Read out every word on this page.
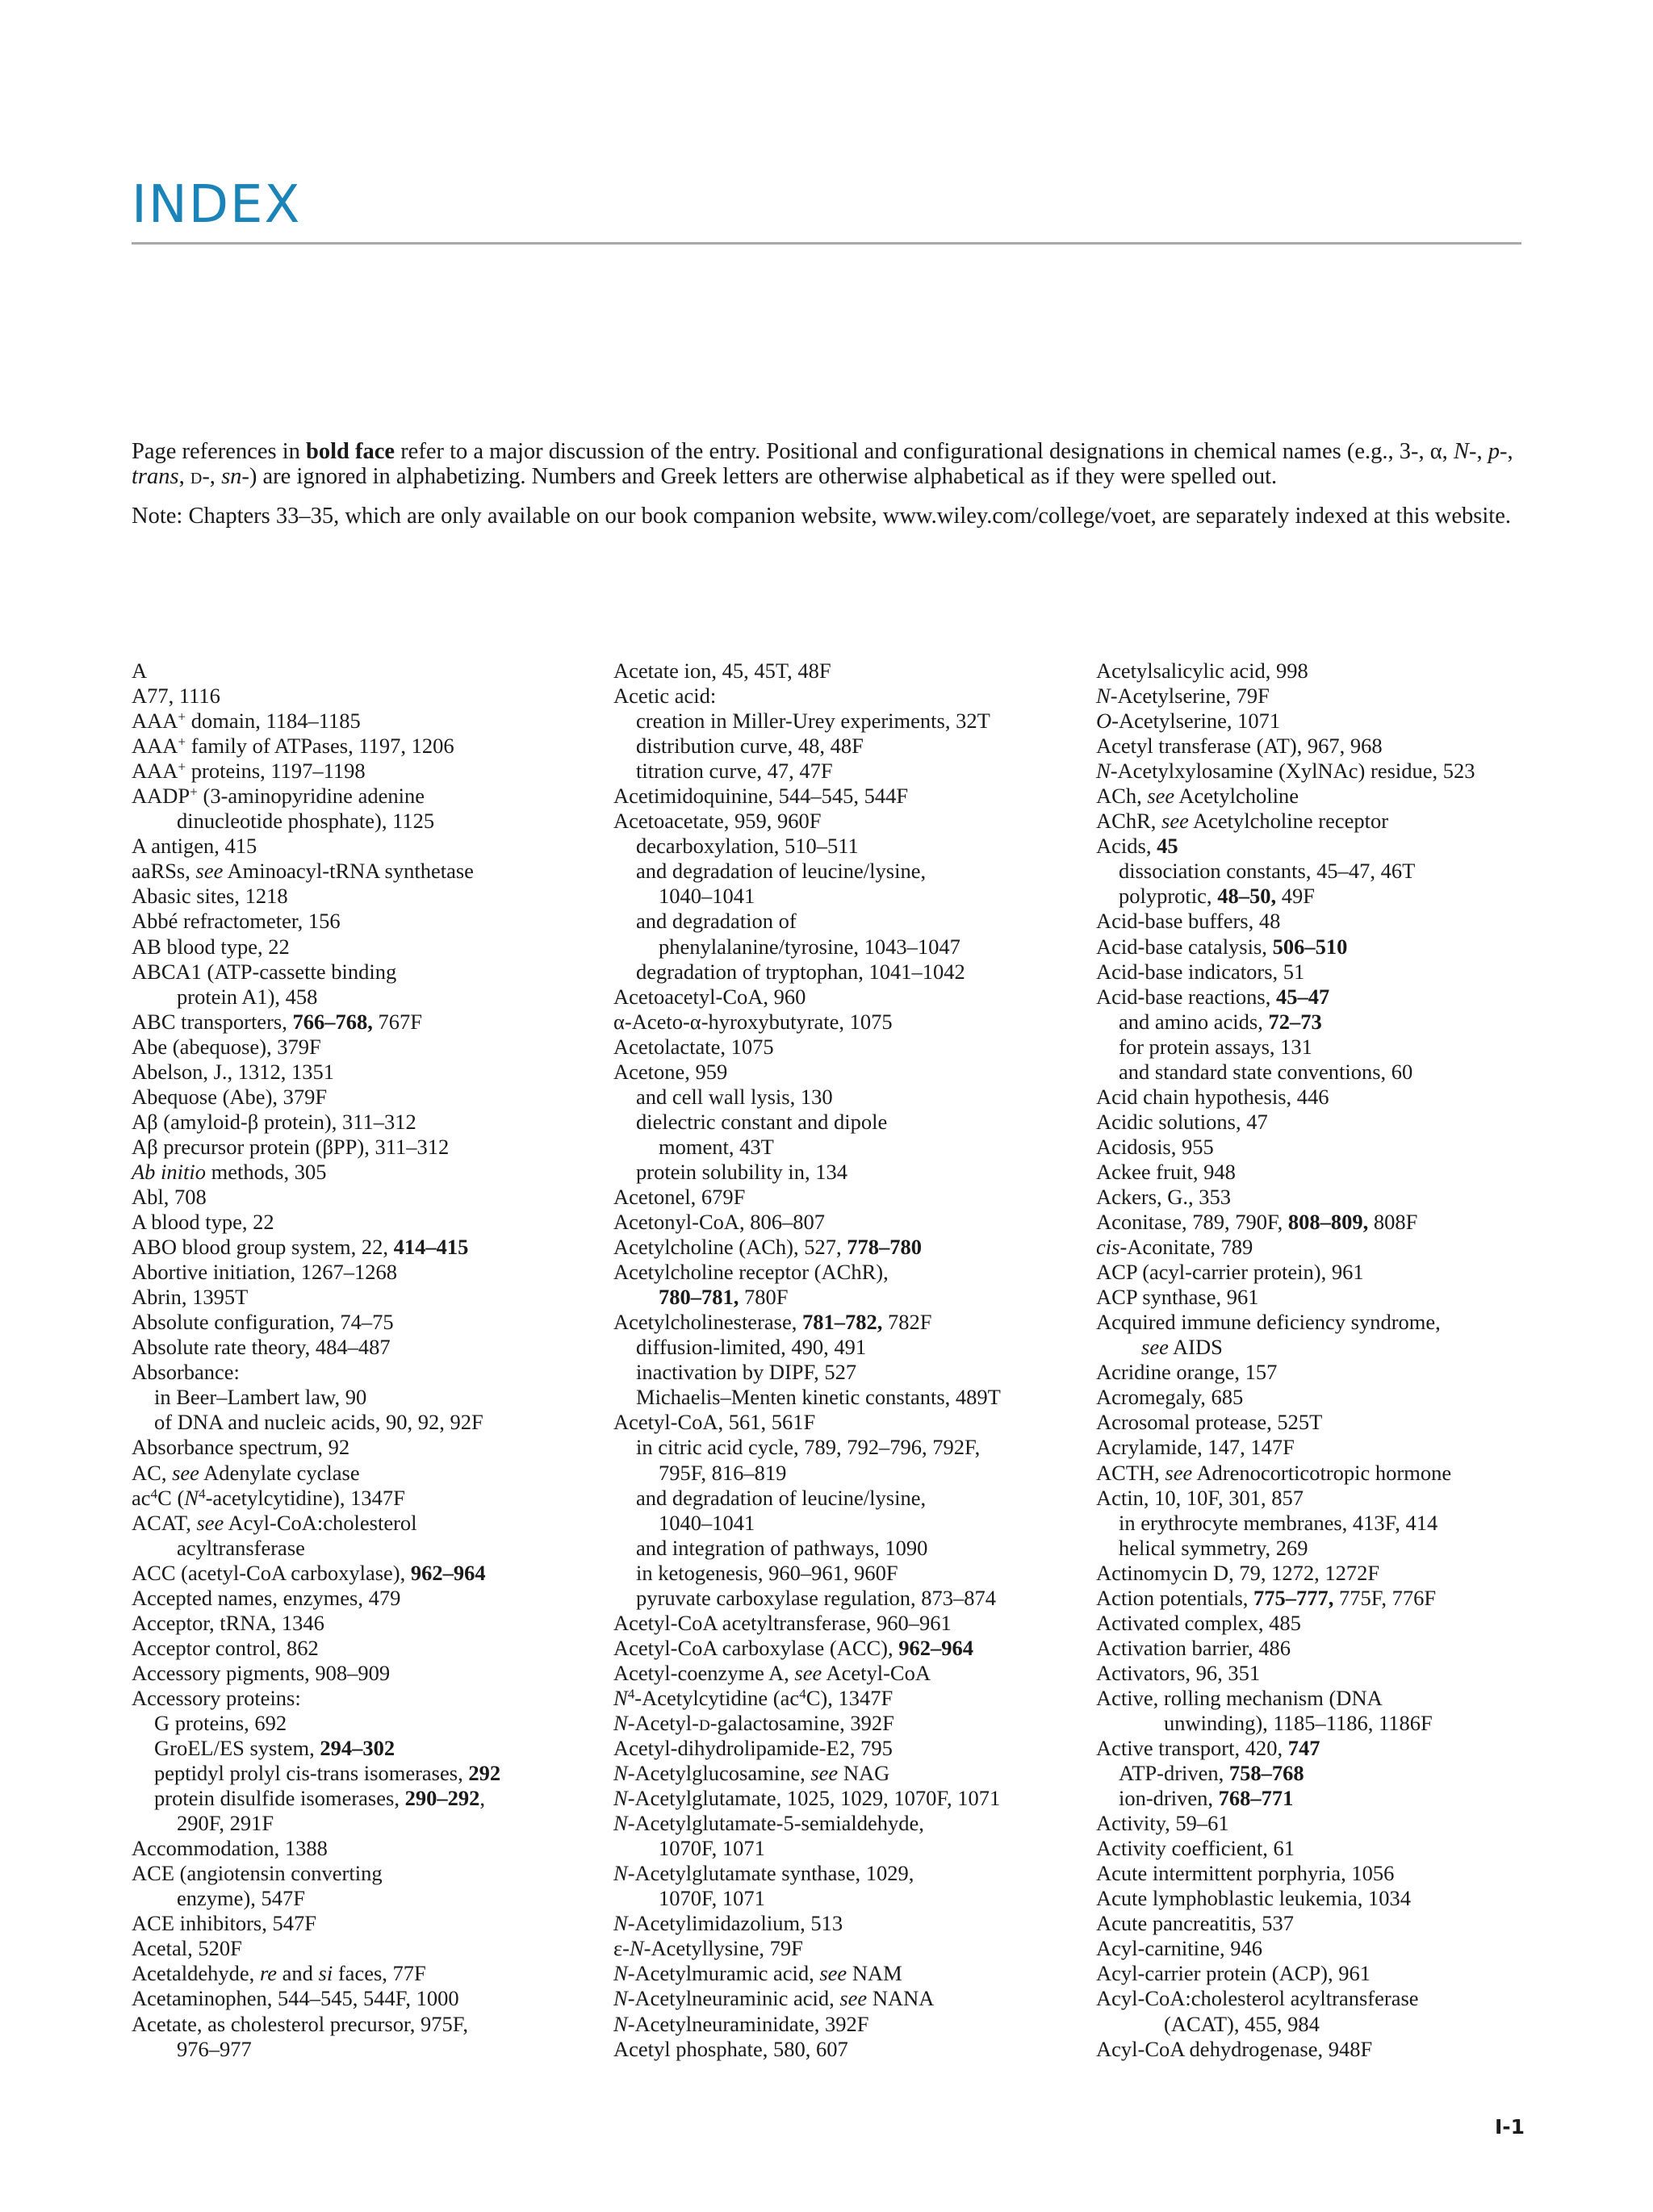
INDEX

Page references in bold face refer to a major discussion of the entry. Positional and configurational designations in chemical names (e.g., 3-, α, N-, p-, trans, d-, sn-) are ignored in alphabetizing. Numbers and Greek letters are otherwise alphabetical as if they were spelled out.

Note: Chapters 33–35, which are only available on our book companion website, www.wiley.com/college/voet, are separately indexed at this website.

A
A77, 1116
AAA+ domain, 1184–1185
AAA+ family of ATPases, 1197, 1206
AAA+ proteins, 1197–1198
AADP+ (3-aminopyridine adenine
dinucleotide phosphate), 1125
A antigen, 415
aaRSs, see Aminoacyl-tRNA synthetase
Abasic sites, 1218
Abbé refractometer, 156
AB blood type, 22
ABCA1 (ATP-cassette binding
protein A1), 458
ABC transporters, 766–768, 767F
Abe (abequose), 379F
Abelson, J., 1312, 1351
Abequose (Abe), 379F
Aβ (amyloid-β protein), 311–312
Aβ precursor protein (βPP), 311–312
Ab initio methods, 305
Abl, 708
A blood type, 22
ABO blood group system, 22, 414–415
Abortive initiation, 1267–1268
Abrin, 1395T
Absolute configuration, 74–75
Absolute rate theory, 484–487
Absorbance:
in Beer–Lambert law, 90
of DNA and nucleic acids, 90, 92, 92F
Absorbance spectrum, 92
AC, see Adenylate cyclase
$ac^4C$ $(N^4-acetylcytidine)$, 1347F
ACAT, see Acyl-CoA:cholesterol
acyltransferase
ACC (acetyl-CoA carboxylase), 962–964
Accepted names, enzymes, 479
Acceptor, tRNA, 1346
Acceptor control, 862
Accessory pigments, 908–909
Accessory proteins:
G proteins, 692
GroEL/ES system, 294–302
peptidyl prolyl cis-trans isomerases, 292
protein disulfide isomerases, 290–292,
290F, 291F
Accommodation, 1388
ACE (angiotensin converting
enzyme), 547F
ACE inhibitors, 547F
Acetal, 520F
Acetaldehyde, re and si faces, 77F
Acetaminophen, 544–545, 544F, 1000
Acetate, as cholesterol precursor, 975F,
976–977
Acetate ion, 45, 45T, 48F
Acetic acid:
creation in Miller-Urey experiments, 32T
distribution curve, 48, 48F
titration curve, 47, 47F
Acetimidoquinine, 544–545, 544F
Acetoacetate, 959, 960F
decarboxylation, 510–511
and degradation of leucine/lysine,
1040–1041
and degradation of
phenylalanine/tyrosine, 1043–1047
degradation of tryptophan, 1041–1042
Acetoacetyl-CoA, 960
α-Aceto-α-hyroxybutyrate, 1075
Acetolactate, 1075
Acetone, 959
and cell wall lysis, 130
dielectric constant and dipole
moment, 43T
protein solubility in, 134
Acetonel, 679F
Acetonyl-CoA, 806–807
Acetylcholine (ACh), 527, 778–780
Acetylcholine receptor (AChR),
780–781, 780F
Acetylcholinesterase, 781–782, 782F
diffusion-limited, 490, 491
inactivation by DIPF, 527
Michaelis–Menten kinetic constants, 489T
Acetyl-CoA, 561, 561F
in citric acid cycle, 789, 792–796, 792F,
795F, 816–819
and degradation of leucine/lysine,
1040–1041
and integration of pathways, 1090
in ketogenesis, 960–961, 960F
pyruvate carboxylase regulation, 873–874
Acetyl-CoA acetyltransferase, 960–961
Acetyl-CoA carboxylase (ACC), 962–964
Acetyl-coenzyme A, see Acetyl-CoA
$N^4$-Acetylcytidine $(ac^4C)$, 1347F
N-Acetyl-d-galactosamine, 392F
Acetyl-dihydrolipamide-E2, 795
N-Acetylglucosamine, see NAG
N-Acetylglutamate, 1025, 1029, 1070F, 1071
N-Acetylglutamate-5-semialdehyde,
1070F, 1071
N-Acetylglutamate synthase, 1029,
1070F, 1071
N-Acetylimidazolium, 513
ε-N-Acetyllysine, 79F
N-Acetylmuramic acid, see NAM
N-Acetylneuraminic acid, see NANA
N-Acetylneuraminidate, 392F
Acetyl phosphate, 580, 607
Acetylsalicylic acid, 998
N-Acetylserine, 79F
O-Acetylserine, 1071
Acetyl transferase (AT), 967, 968
N-Acetylxylosamine (XylNAc) residue, 523
ACh, see Acetylcholine
AChR, see Acetylcholine receptor
Acids, 45
dissociation constants, 45–47, 46T
polyprotic, 48–50, 49F
Acid-base buffers, 48
Acid-base catalysis, 506–510
Acid-base indicators, 51
Acid-base reactions, 45–47
and amino acids, 72–73
for protein assays, 131
and standard state conventions, 60
Acid chain hypothesis, 446
Acidic solutions, 47
Acidosis, 955
Ackee fruit, 948
Ackers, G., 353
Aconitase, 789, 790F, 808–809, 808F
cis-Aconitate, 789
ACP (acyl-carrier protein), 961
ACP synthase, 961
Acquired immune deficiency syndrome,
see AIDS
Acridine orange, 157
Acromegaly, 685
Acrosomal protease, 525T
Acrylamide, 147, 147F
ACTH, see Adrenocorticotropic hormone
Actin, 10, 10F, 301, 857
in erythrocyte membranes, 413F, 414
helical symmetry, 269
Actinomycin D, 79, 1272, 1272F
Action potentials, 775–777, 775F, 776F
Activated complex, 485
Activation barrier, 486
Activators, 96, 351
Active, rolling mechanism (DNA
unwinding), 1185–1186, 1186F
Active transport, 420, 747
ATP-driven, 758–768
ion-driven, 768–771
Activity, 59–61
Activity coefficient, 61
Acute intermittent porphyria, 1056
Acute lymphoblastic leukemia, 1034
Acute pancreatitis, 537
Acyl-carnitine, 946
Acyl-carrier protein (ACP), 961
Acyl-CoA:cholesterol acyltransferase
(ACAT), 455, 984
Acyl-CoA dehydrogenase, 948F
I-1
